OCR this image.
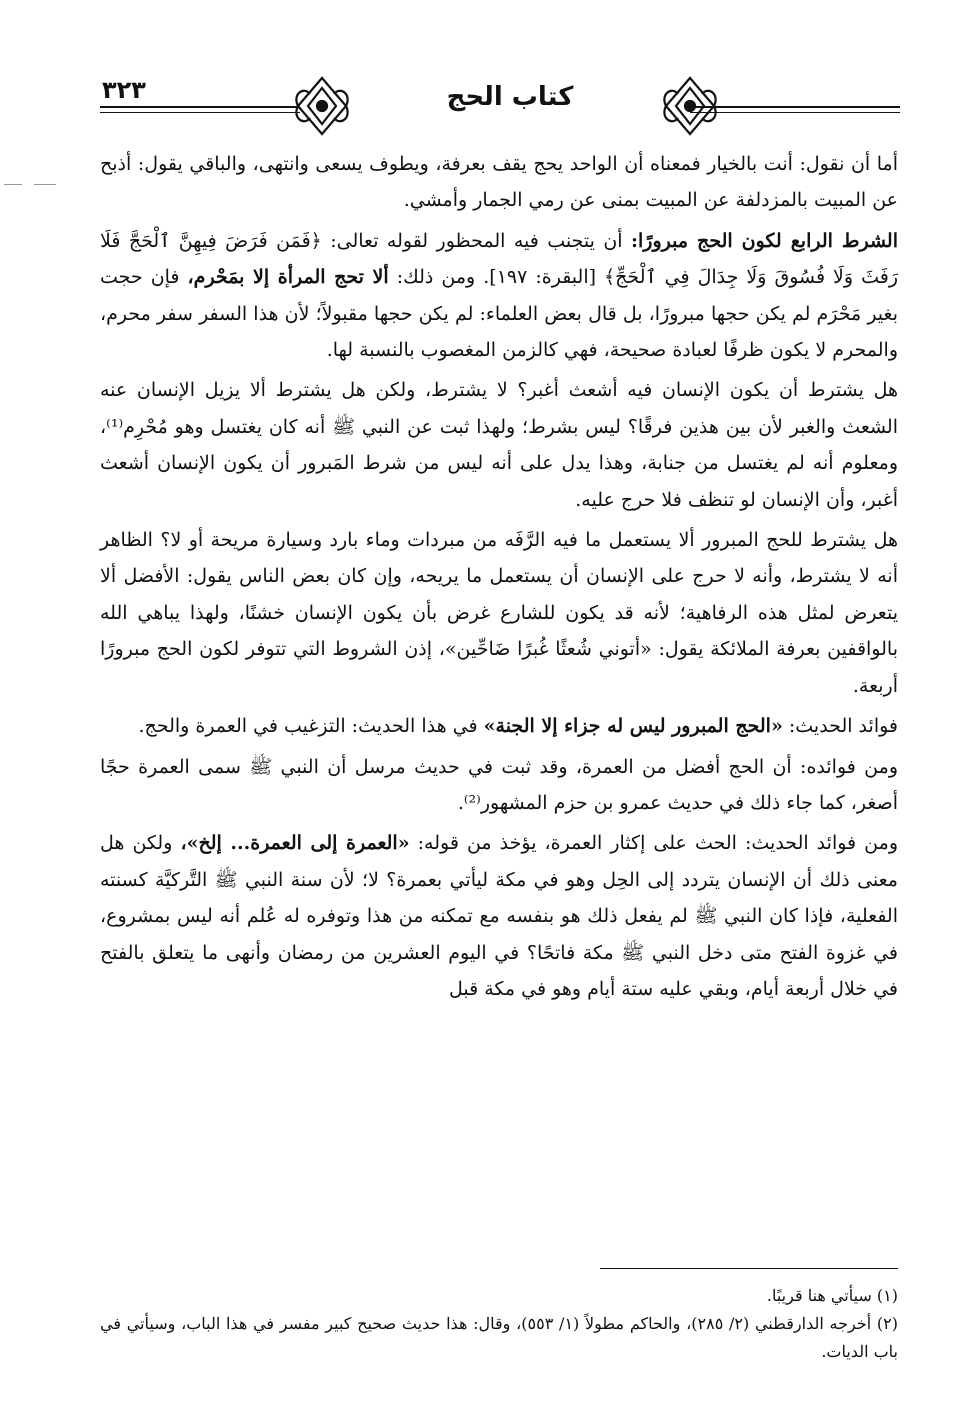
٣٢٣	كتاب الحج

أما أن نقول: أنت بالخيار فمعناه أن الواحد يحج يقف بعرفة، ويطوف يسعى وانتهى، والباقي يقول: أذبح عن المبيت بالمزدلفة عن المبيت بمنى عن رمي الجمار وأمشي.

الشرط الرابع لكون الحج مبرورًا: أن يتجنب فيه المحظور لقوله تعالى: ﴿فَمَن فَرَضَ فِيهِنَّ ٱلْحَجَّ فَلَا رَفَثَ وَلَا فُسُوقَ وَلَا جِدَالَ فِي ٱلْحَجِّ﴾ [البقرة: ١٩٧]. ومن ذلك: ألا تحج المرأة إلا بمَحْرم، فإن حجت بغير مَحْرَم لم يكن حجها مبرورًا، بل قال بعض العلماء: لم يكن حجها مقبولاً؛ لأن هذا السفر سفر محرم، والمحرم لا يكون ظرفًا لعبادة صحيحة، فهي كالزمن المغصوب بالنسبة لها.

هل يشترط أن يكون الإنسان فيه أشعث أغبر؟ لا يشترط، ولكن هل يشترط ألا يزيل الإنسان عنه الشعث والغبر لأن بين هذين فرقًا؟ ليس بشرط؛ ولهذا ثبت عن النبي ﷺ أنه كان يغتسل وهو مُحْرِم⁽¹⁾، ومعلوم أنه لم يغتسل من جنابة، وهذا يدل على أنه ليس من شرط المَبرور أن يكون الإنسان أشعث أغبر، وأن الإنسان لو تنظف فلا حرج عليه.

هل يشترط للحج المبرور ألا يستعمل ما فيه الرَّفَه من مبردات وماء بارد وسيارة مريحة أو لا؟ الظاهر أنه لا يشترط، وأنه لا حرج على الإنسان أن يستعمل ما يريحه، وإن كان بعض الناس يقول: الأفضل ألا يتعرض لمثل هذه الرفاهية؛ لأنه قد يكون للشارع غرض بأن يكون الإنسان خشنًا، ولهذا يباهي الله بالواقفين بعرفة الملائكة يقول: «أتوني شُعثًا غُبرًا ضَاحِّين»، إذن الشروط التي تتوفر لكون الحج مبرورًا أربعة.

فوائد الحديث: «الحج المبرور ليس له جزاء إلا الجنة» في هذا الحديث: التزغيب في العمرة والحج.

ومن فوائده: أن الحج أفضل من العمرة، وقد ثبت في حديث مرسل أن النبي ﷺ سمى العمرة حجًا أصغر، كما جاء ذلك في حديث عمرو بن حزم المشهور⁽²⁾.

ومن فوائد الحديث: الحث على إكثار العمرة، يؤخذ من قوله: «العمرة إلى العمرة... إلخ»، ولكن هل معنى ذلك أن الإنسان يتردد إلى الحِل وهو في مكة ليأتي بعمرة؟ لا؛ لأن سنة النبي ﷺ التَّركيَّة كسنته الفعلية، فإذا كان النبي ﷺ لم يفعل ذلك هو بنفسه مع تمكنه من هذا وتوفره له عُلم أنه ليس بمشروع، في غزوة الفتح متى دخل النبي ﷺ مكة فاتحًا؟ في اليوم العشرين من رمضان وأنهى ما يتعلق بالفتح في خلال أربعة أيام، وبقي عليه ستة أيام وهو في مكة قبل

(١) سيأتي هنا قريبًا.

(٢) أخرجه الدارقطني (٢/ ٢٨٥)، والحاكم مطولاً (١/ ٥٥٣)، وقال: هذا حديث صحيح كبير مفسر في هذا الباب، وسيأتي في باب الديات.
